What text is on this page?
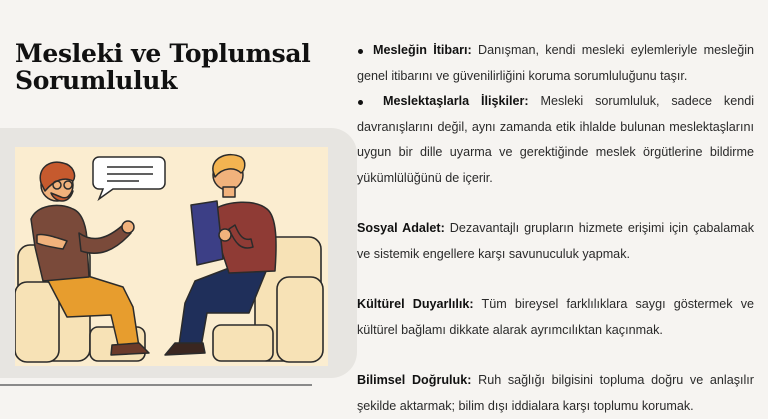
Mesleki ve Toplumsal Sorumluluk

Mesleğin İtibarı: Danışman, kendi mesleki eylemleriyle mesleğin genel itibarını ve güvenilirliğini koruma sorumluluğunu taşır.

Meslektaşlarla İlişkiler: Mesleki sorumluluk, sadece kendi davranışlarını değil, aynı zamanda etik ihlalde bulunan meslektaşlarını uygun bir dille uyarma ve gerektiğinde meslek örgütlerine bildirme yükümlülüğünü de içerir.

Sosyal Adalet: Dezavantajlı grupların hizmete erişimi için çabalamak ve sistemik engellere karşı savunuculuk yapmak.

Kültürel Duyarlılık: Tüm bireysel farklılıklara saygı göstermek ve kültürel bağlamı dikkate alarak ayrımcılıktan kaçınmak.

Bilimsel Doğruluk: Ruh sağlığı bilgisini topluma doğru ve anlaşılır şekilde aktarmak; bilim dışı iddialara karşı toplumu korumak.
